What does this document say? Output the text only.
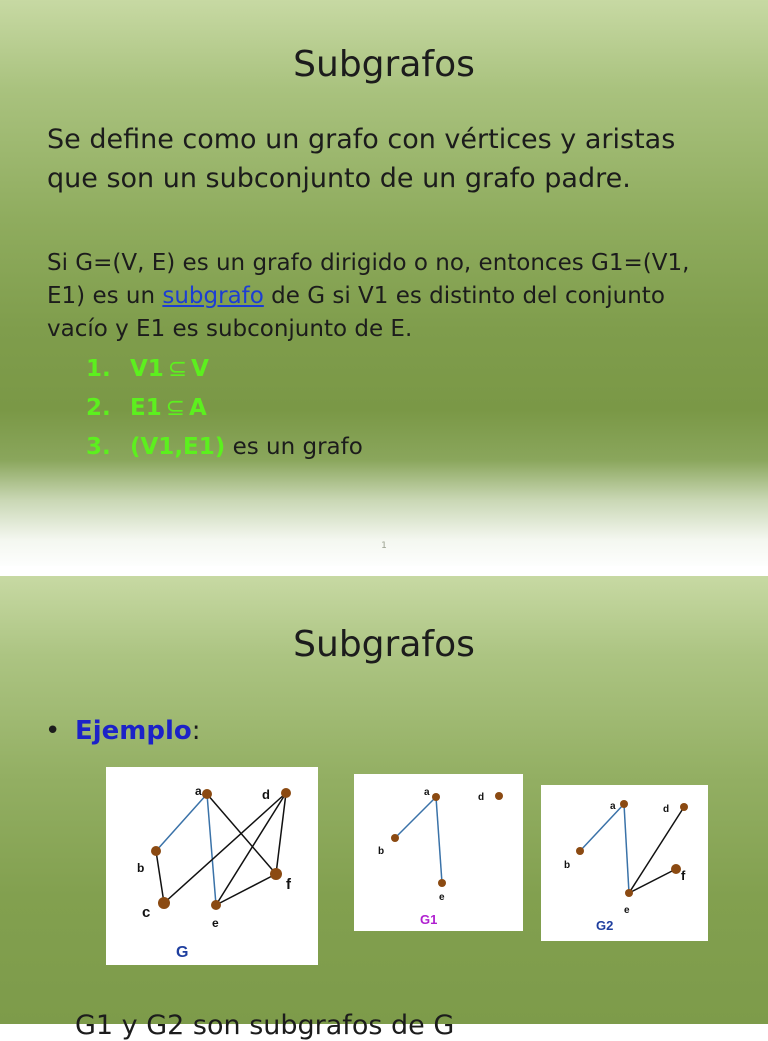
Subgrafos

Se define como un grafo con vértices y aristas
que son un subconjunto de un grafo padre.

Si G=(V, E) es un grafo dirigido o no, entonces G1=(V1,
E1) es un subgrafo de G si V1 es distinto del conjunto
vacío y E1 es subconjunto de E.

1. V1 ⊆ V
2. E1 ⊆ A
3. (V1,E1) es un grafo
1
Subgrafos
• Ejemplo:
a
b
c
d
e
f
G
a
b
d
e
G1
a
b
d
e
f
G2
G1 y G2 son subgrafos de G
